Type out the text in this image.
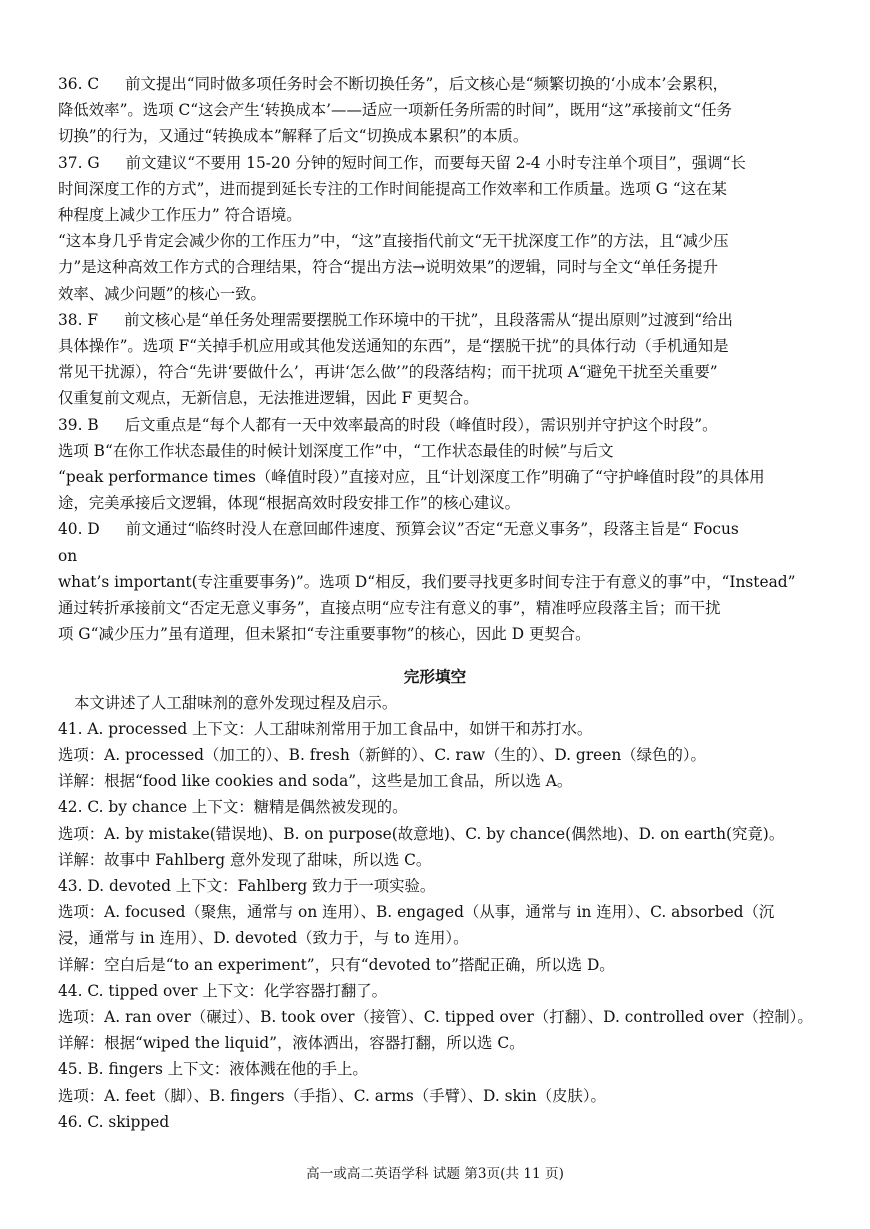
36. C 前文提出“同时做多项任务时会不断切换任务”，后文核心是“频繁切换的‘小成本’会累积，
降低效率”。选项 C“这会产生‘转换成本’——适应一项新任务所需的时间”，既用“这”承接前文“任务
切换”的行为，又通过“转换成本”解释了后文“切换成本累积”的本质。
37. G 前文建议“不要用 15-20 分钟的短时间工作，而要每天留 2-4 小时专注单个项目”，强调“长
时间深度工作的方式”，进而提到延长专注的工作时间能提高工作效率和工作质量。选项 G “这在某
种程度上减少工作压力” 符合语境。
“这本身几乎肯定会减少你的工作压力”中，“这”直接指代前文“无干扰深度工作”的方法，且“减少压
力”是这种高效工作方式的合理结果，符合“提出方法→说明效果”的逻辑，同时与全文“单任务提升
效率、减少问题”的核心一致。
38. F 前文核心是“单任务处理需要摆脱工作环境中的干扰”，且段落需从“提出原则”过渡到“给出
具体操作”。选项 F“关掉手机应用或其他发送通知的东西”，是“摆脱干扰”的具体行动（手机通知是
常见干扰源），符合“先讲‘要做什么’，再讲‘怎么做’”的段落结构；而干扰项 A“避免干扰至关重要”
仅重复前文观点，无新信息，无法推进逻辑，因此 F 更契合。
39. B 后文重点是“每个人都有一天中效率最高的时段（峰值时段），需识别并守护这个时段”。
选项 B“在你工作状态最佳的时候计划深度工作”中，“工作状态最佳的时候”与后文
“peak performance times（峰值时段）”直接对应，且“计划深度工作”明确了“守护峰值时段”的具体用
途，完美承接后文逻辑，体现“根据高效时段安排工作”的核心建议。
40. D 前文通过“临终时没人在意回邮件速度、预算会议”否定“无意义事务”，段落主旨是“ Focus
on
what’s important(专注重要事务)”。选项 D“相反，我们要寻找更多时间专注于有意义的事”中，“Instead”
通过转折承接前文“否定无意义事务”，直接点明“应专注有意义的事”，精准呼应段落主旨；而干扰
项 G“减少压力”虽有道理，但未紧扣“专注重要事物”的核心，因此 D 更契合。
完形填空
本文讲述了人工甜味剂的意外发现过程及启示。
41. A. processed 上下文：人工甜味剂常用于加工食品中，如饼干和苏打水。
选项：A. processed（加工的）、B. fresh（新鲜的）、C. raw（生的）、D. green（绿色的）。
详解：根据“food like cookies and soda”，这些是加工食品，所以选 A。
42. C. by chance 上下文：糖精是偶然被发现的。
选项：A. by mistake(错误地)、B. on purpose(故意地)、C. by chance(偶然地)、D. on earth(究竟)。
详解：故事中 Fahlberg 意外发现了甜味，所以选 C。
43. D. devoted 上下文：Fahlberg 致力于一项实验。
选项：A. focused（聚焦，通常与 on 连用）、B. engaged（从事，通常与 in 连用）、C. absorbed（沉
浸，通常与 in 连用）、D. devoted（致力于，与 to 连用）。
详解：空白后是“to an experiment”，只有“devoted to”搭配正确，所以选 D。
44. C. tipped over 上下文：化学容器打翻了。
选项：A. ran over（碾过）、B. took over（接管）、C. tipped over（打翻）、D. controlled over（控制）。
详解：根据“wiped the liquid”，液体洒出，容器打翻，所以选 C。
45. B. fingers 上下文：液体溅在他的手上。
选项：A. feet（脚）、B. fingers（手指）、C. arms（手臂）、D. skin（皮肤）。
46. C. skipped
高一或高二英语学科 试题 第3页(共 11 页)
